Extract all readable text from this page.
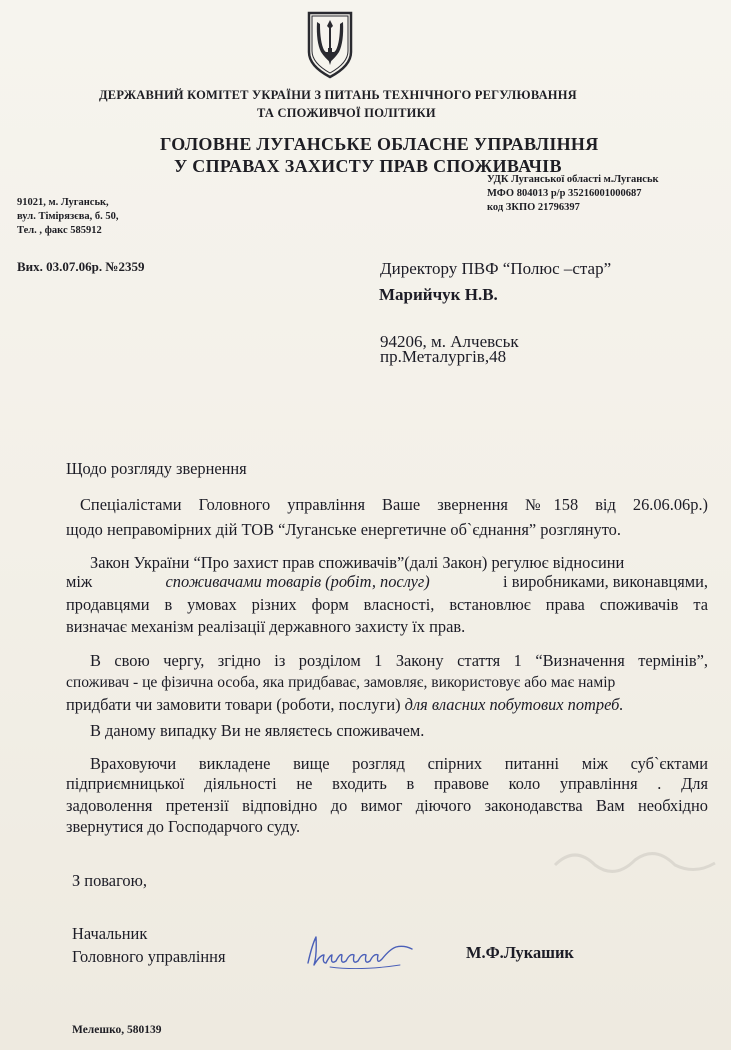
ДЕРЖАВНИЙ КОМІТЕТ УКРАЇНИ З ПИТАНЬ ТЕХНІЧНОГО РЕГУЛЮВАННЯ

ТА СПОЖИВЧОЇ ПОЛІТИКИ

ГОЛОВНЕ ЛУГАНСЬКЕ ОБЛАСНЕ УПРАВЛІННЯ

У СПРАВАХ ЗАХИСТУ ПРАВ СПОЖИВАЧІВ

91021, м. Луганськ,
вул. Тімірязєва, б. 50,
Тел. , факс 585912
УДК Луганської області м.Луганськ
МФО 804013 р/р 35216001000687
код ЗКПО 21796397

Вих. 03.07.06р. №2359	Директору ПВФ “Полюс –стар”

Марийчук Н.В.

94206, м. Алчевськ

пр.Металургів,48

Щодо розгляду звернення

Спеціалістами Головного управління Ваше звернення №158 від 26.06.06р.)
щодо неправомірних дій ТОВ “Луганське енергетичне об`єднання” розглянуто.
Закон України “Про захист прав споживачів”(далі Закон) регулює відносини
між	споживачами товарів (робіт, послуг)	і виробниками, виконавцями,
продавцями в умовах різних форм власності, встановлює права споживачів та
визначає механізм реалізації державного захисту їх прав.
В свою чергу, згідно із розділом 1 Закону стаття 1 “Визначення термінів”,
споживач - це фізична особа, яка придбаває, замовляє, використовує або має намір
придбати чи замовити товари (роботи, послуги) для власних побутових потреб.
В даному випадку Ви не являєтесь споживачем.
Враховуючи викладене вище розгляд спірних питанні між суб`єктами
підприємницької діяльності не входить в правове коло управління . Для
задоволення претензії відповідно до вимог діючого законодавства Вам необхідно
звернутися до Господарчого суду.

З повагою,

Начальник

Головного управління	М.Ф.Лукашик

Мелешко, 580139
